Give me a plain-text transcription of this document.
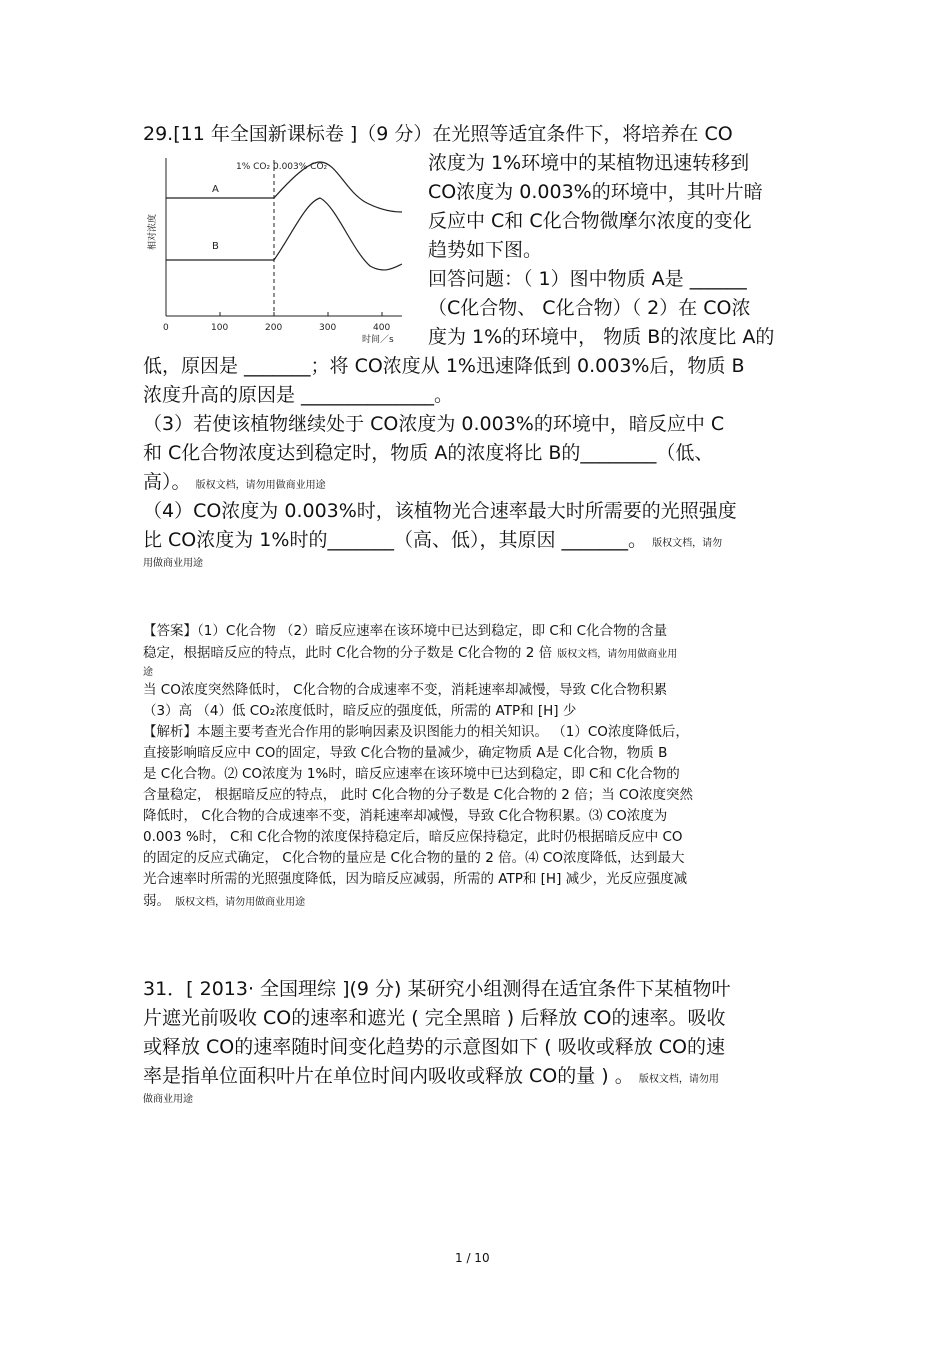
29.[11 年全国新课标卷 ]（9 分）在光照等适宜条件下，将培养在 CO
1% CO₂ 0.003% CO₂
A
B
相对浓度
0	100	200	300	400
时间／s
浓度为 1%环境中的某植物迅速转移到
CO浓度为 0.003%的环境中，其叶片暗
反应中 C和 C化合物微摩尔浓度的变化
趋势如下图。
回答问题：（ 1）图中物质 A是 ______
（C化合物、 C化合物）（ 2）在 CO浓
度为 1%的环境中， 物质 B的浓度比 A的
低，原因是 _______；将 CO浓度从 1%迅速降低到 0.003%后，物质 B
浓度升高的原因是 ______________。
（3）若使该植物继续处于 CO浓度为 0.003%的环境中，暗反应中 C
和 C化合物浓度达到稳定时，物质 A的浓度将比 B的________（低、
高）。 版权文档，请勿用做商业用途
（4）CO浓度为 0.003%时，该植物光合速率最大时所需要的光照强度
比 CO浓度为 1%时的_______（高、低），其原因 _______。 版权文档，请勿
用做商业用途
【答案】（1）C化合物 （2）暗反应速率在该环境中已达到稳定，即 C和 C化合物的含量
稳定，根据暗反应的特点，此时 C化合物的分子数是 C化合物的 2 倍 版权文档，请勿用做商业用
途
当 CO浓度突然降低时， C化合物的合成速率不变，消耗速率却减慢，导致 C化合物积累
（3）高 （4）低 CO₂浓度低时，暗反应的强度低，所需的 ATP和 [H] 少
【解析】本题主要考查光合作用的影响因素及识图能力的相关知识。 （1）CO浓度降低后，
直接影响暗反应中 CO的固定，导致 C化合物的量减少，确定物质 A是 C化合物，物质 B
是 C化合物。⑵ CO浓度为 1%时，暗反应速率在该环境中已达到稳定，即 C和 C化合物的
含量稳定， 根据暗反应的特点， 此时 C化合物的分子数是 C化合物的 2 倍；当 CO浓度突然
降低时， C化合物的合成速率不变，消耗速率却减慢，导致 C化合物积累。⑶ CO浓度为
0.003 %时， C和 C化合物的浓度保持稳定后，暗反应保持稳定，此时仍根据暗反应中 CO
的固定的反应式确定， C化合物的量应是 C化合物的量的 2 倍。⑷ CO浓度降低，达到最大
光合速率时所需的光照强度降低，因为暗反应减弱，所需的 ATP和 [H] 减少，光反应强度减
弱。 版权文档，请勿用做商业用途
31．[ 2013· 全国理综 ](9 分) 某研究小组测得在适宜条件下某植物叶
片遮光前吸收 CO的速率和遮光 ( 完全黑暗 ) 后释放 CO的速率。吸收
或释放 CO的速率随时间变化趋势的示意图如下 ( 吸收或释放 CO的速
率是指单位面积叶片在单位时间内吸收或释放 CO的量 ) 。 版权文档，请勿用
做商业用途
1 / 10
